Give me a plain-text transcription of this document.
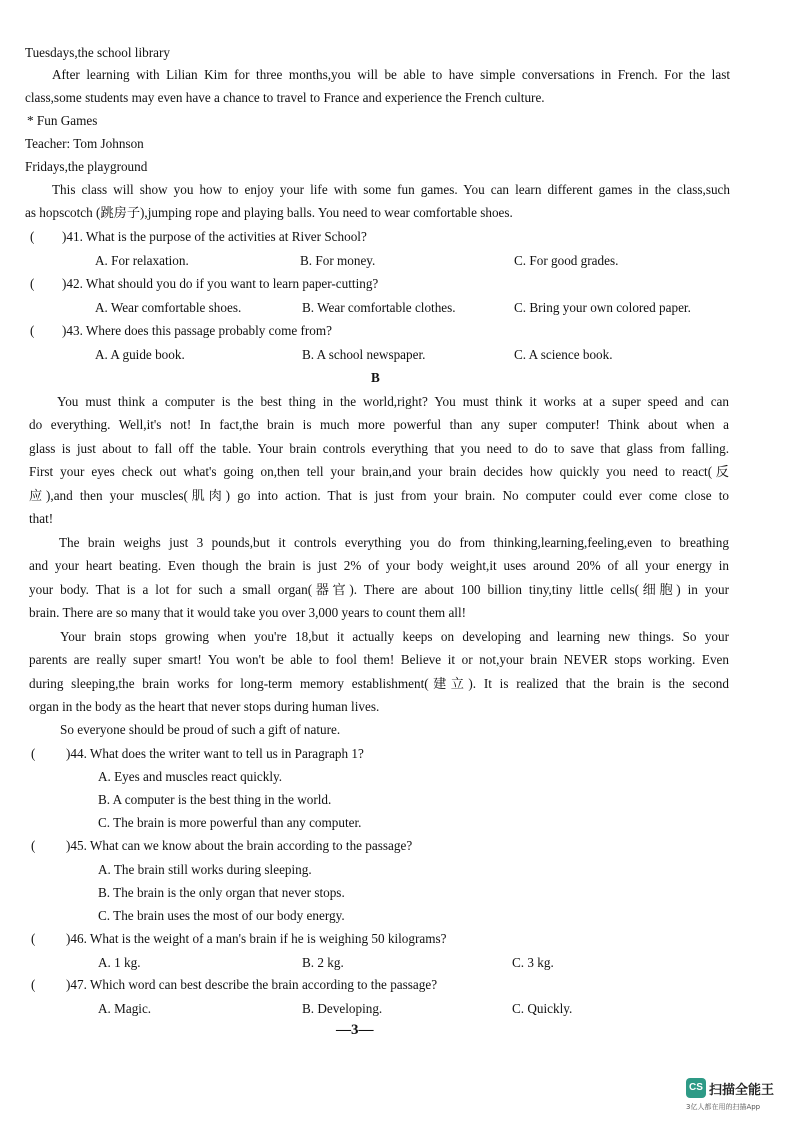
Tuesdays,the school library
After learning with Lilian Kim for three months,you will be able to have simple conversations in French. For the last
class,some students may even have a chance to travel to France and experience the French culture.
* Fun Games
Teacher: Tom Johnson
Fridays,the playground
This class will show you how to enjoy your life with some fun games. You can learn different games in the class,such
as hopscotch (跳房子),jumping rope and playing balls. You need to wear comfortable shoes.
( )41. What is the purpose of the activities at River School?
A. For relaxation.	B. For money.	C. For good grades.
( )42. What should you do if you want to learn paper-cutting?
A. Wear comfortable shoes.	B. Wear comfortable clothes.	C. Bring your own colored paper.
( )43. Where does this passage probably come from?
A. A guide book.	B. A school newspaper.	C. A science book.
B
You must think a computer is the best thing in the world,right? You must think it works at a super speed and can
do everything. Well,it's not! In fact,the brain is much more powerful than any super computer! Think about when a
glass is just about to fall off the table. Your brain controls everything that you need to do to save that glass from falling.
First your eyes check out what's going on,then tell your brain,and your brain decides how quickly you need to react(反
应),and then your muscles(肌肉) go into action. That is just from your brain. No computer could ever come close to
that!
The brain weighs just 3 pounds,but it controls everything you do from thinking,learning,feeling,even to breathing
and your heart beating. Even though the brain is just 2% of your body weight,it uses around 20% of all your energy in
your body. That is a lot for such a small organ(器官). There are about 100 billion tiny,tiny little cells(细胞) in your
brain. There are so many that it would take you over 3,000 years to count them all!
Your brain stops growing when you're 18,but it actually keeps on developing and learning new things. So your
parents are really super smart! You won't be able to fool them! Believe it or not,your brain NEVER stops working. Even
during sleeping,the brain works for long-term memory establishment(建立). It is realized that the brain is the second
organ in the body as the heart that never stops during human lives.
So everyone should be proud of such a gift of nature.
( )44. What does the writer want to tell us in Paragraph 1?
A. Eyes and muscles react quickly.
B. A computer is the best thing in the world.
C. The brain is more powerful than any computer.
( )45. What can we know about the brain according to the passage?
A. The brain still works during sleeping.
B. The brain is the only organ that never stops.
C. The brain uses the most of our body energy.
( )46. What is the weight of a man's brain if he is weighing 50 kilograms?
A. 1 kg.	B. 2 kg.	C. 3 kg.
( )47. Which word can best describe the brain according to the passage?
A. Magic.	B. Developing.	C. Quickly.
—3—
CS 扫描全能王
3亿人都在用的扫描App
